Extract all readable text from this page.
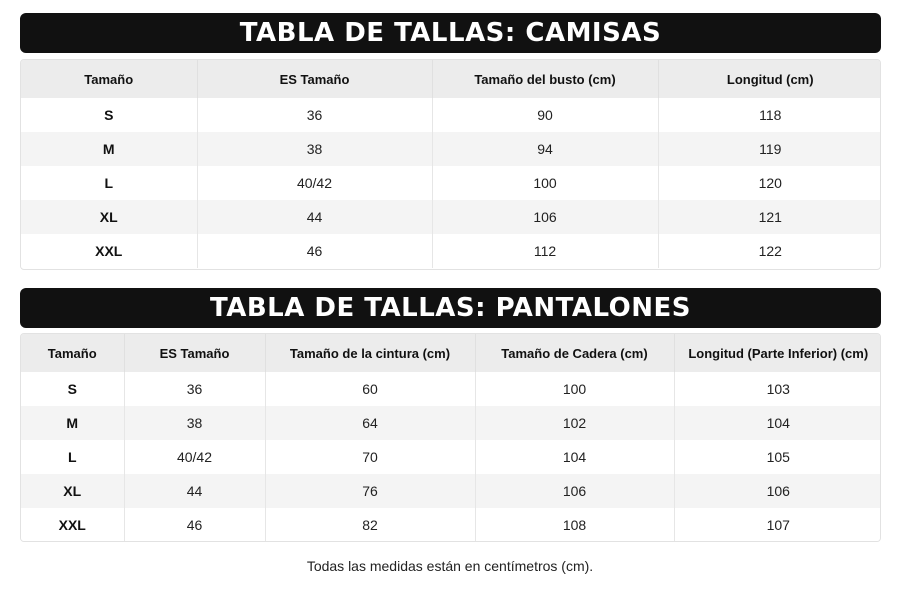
TABLA DE TALLAS: CAMISAS
Tamaño	ES Tamaño	Tamaño del busto (cm)	Longitud (cm)
S	36	90	118
M	38	94	119
L	40/42	100	120
XL	44	106	121
XXL	46	112	122
TABLA DE TALLAS: PANTALONES
Tamaño	ES Tamaño	Tamaño de la cintura (cm)	Tamaño de Cadera (cm)	Longitud (Parte Inferior) (cm)
S	36	60	100	103
M	38	64	102	104
L	40/42	70	104	105
XL	44	76	106	106
XXL	46	82	108	107
Todas las medidas están en centímetros (cm).
